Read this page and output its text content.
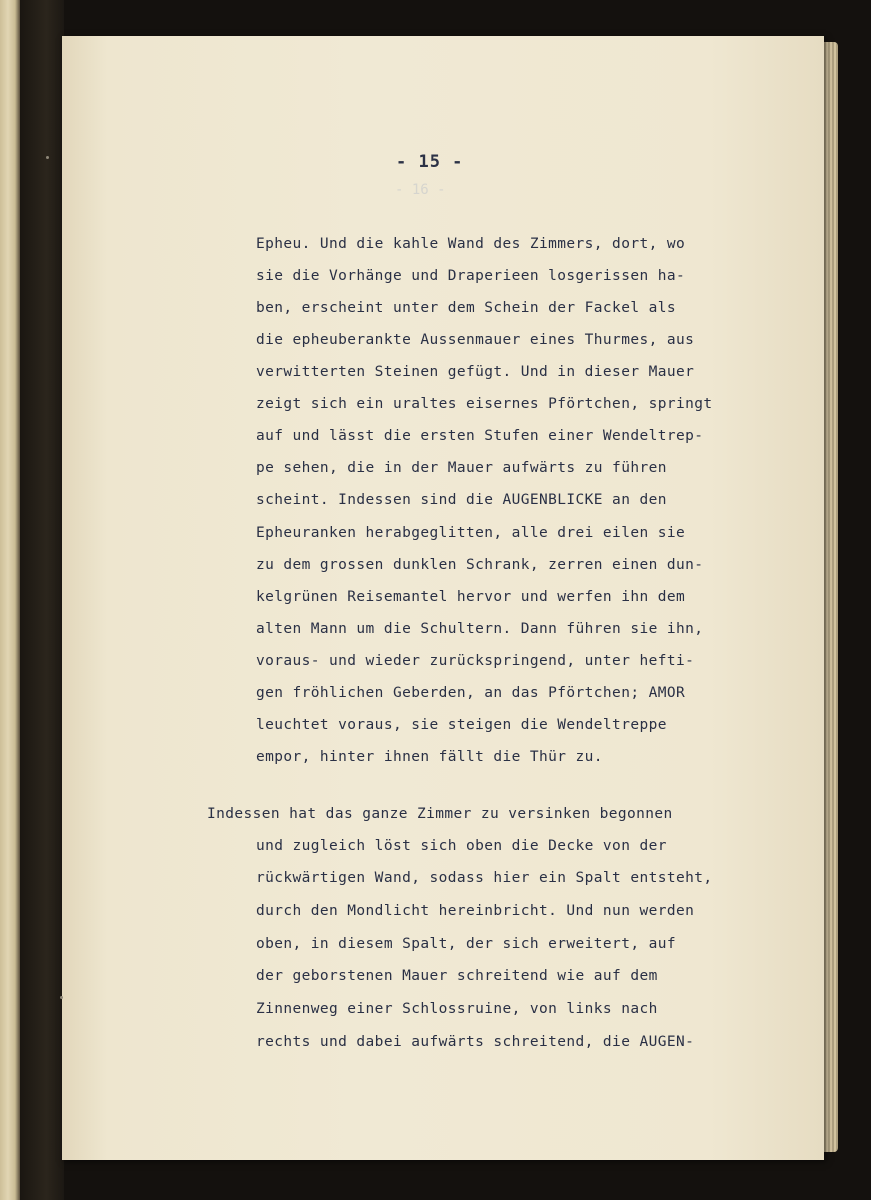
- 16 -
- 15 -
Epheu. Und die kahle Wand des Zimmers, dort, wo
sie die Vorhänge und Draperieen losgerissen ha-
ben, erscheint unter dem Schein der Fackel als
die epheuberankte Aussenmauer eines Thurmes, aus
verwitterten Steinen gefügt. Und in dieser Mauer
zeigt sich ein uraltes eisernes Pförtchen, springt
auf und lässt die ersten Stufen einer Wendeltrep-
pe sehen, die in der Mauer aufwärts zu führen
scheint. Indessen sind die AUGENBLICKE an den
Epheuranken herabgeglitten, alle drei eilen sie
zu dem grossen dunklen Schrank, zerren einen dun-
kelgrünen Reisemantel hervor und werfen ihn dem
alten Mann um die Schultern. Dann führen sie ihn,
voraus- und wieder zurückspringend, unter hefti-
gen fröhlichen Geberden, an das Pförtchen; AMOR
leuchtet voraus, sie steigen die Wendeltreppe
empor, hinter ihnen fällt die Thür zu.
Indessen hat das ganze Zimmer zu versinken begonnen
und zugleich löst sich oben die Decke von der
rückwärtigen Wand, sodass hier ein Spalt entsteht,
durch den Mondlicht hereinbricht. Und nun werden
oben, in diesem Spalt, der sich erweitert, auf
der geborstenen Mauer schreitend wie auf dem
Zinnenweg einer Schlossruine, von links nach
rechts und dabei aufwärts schreitend, die AUGEN-
